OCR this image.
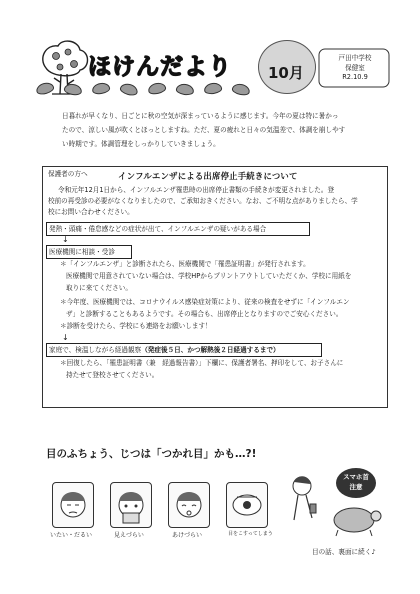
ほけんだより 10月
戸田中学校
保健室
R2.10.9
日暮れが早くなり、日ごとに秋の空気が深まっているように感じます。今年の夏は特に暑かっ
たので、涼しい風が吹くとほっとしますね。ただ、夏の疲れと日々の気温差で、体調を崩しやす
い時期です。体調管理をしっかりしていきましょう。
保護者の方へ	インフルエンザによる出席停止手続きについて
令和元年12月1日から、インフルエンザ罹患時の出席停止書類の手続きが変更されました。登
校前の再受診の必要がなくなりましたので、ご承知おきください。なお、ご不明な点がありましたら、学
校にお問い合わせください。
発熱・頭痛・倦怠感などの症状が出て、インフルエンザの疑いがある場合
↓
医療機関に相談・受診
＊「インフルエンザ」と診断されたら、医療機関で「罹患証明書」が発行されます。
医療機関で用意されていない場合は、学校HPからプリントアウトしていただくか、学校に用紙を
取りに来てください。
＊今年度、医療機関では、コロナウイルス感染症対策により、従来の検査をせずに「インフルエン
ザ」と診断することもあるようです。その場合も、出席停止となりますのでご安心ください。
＊診断を受けたら、学校にも連絡をお願いします！
↓
家庭で、検温しながら経過観察（発症後５日、かつ解熱後２日経過するまで）
＊回復したら、「罹患証明書（兼　経過報告書）」下欄に、保護者署名、押印をして、お子さんに
持たせて登校させてください。
目のふちょう、じつは「つかれ目」かも…?!
スマホ首
注意
いたい・だるい	見えづらい	あけづらい	目をこすってしまう
目の話、裏面に続く♪
